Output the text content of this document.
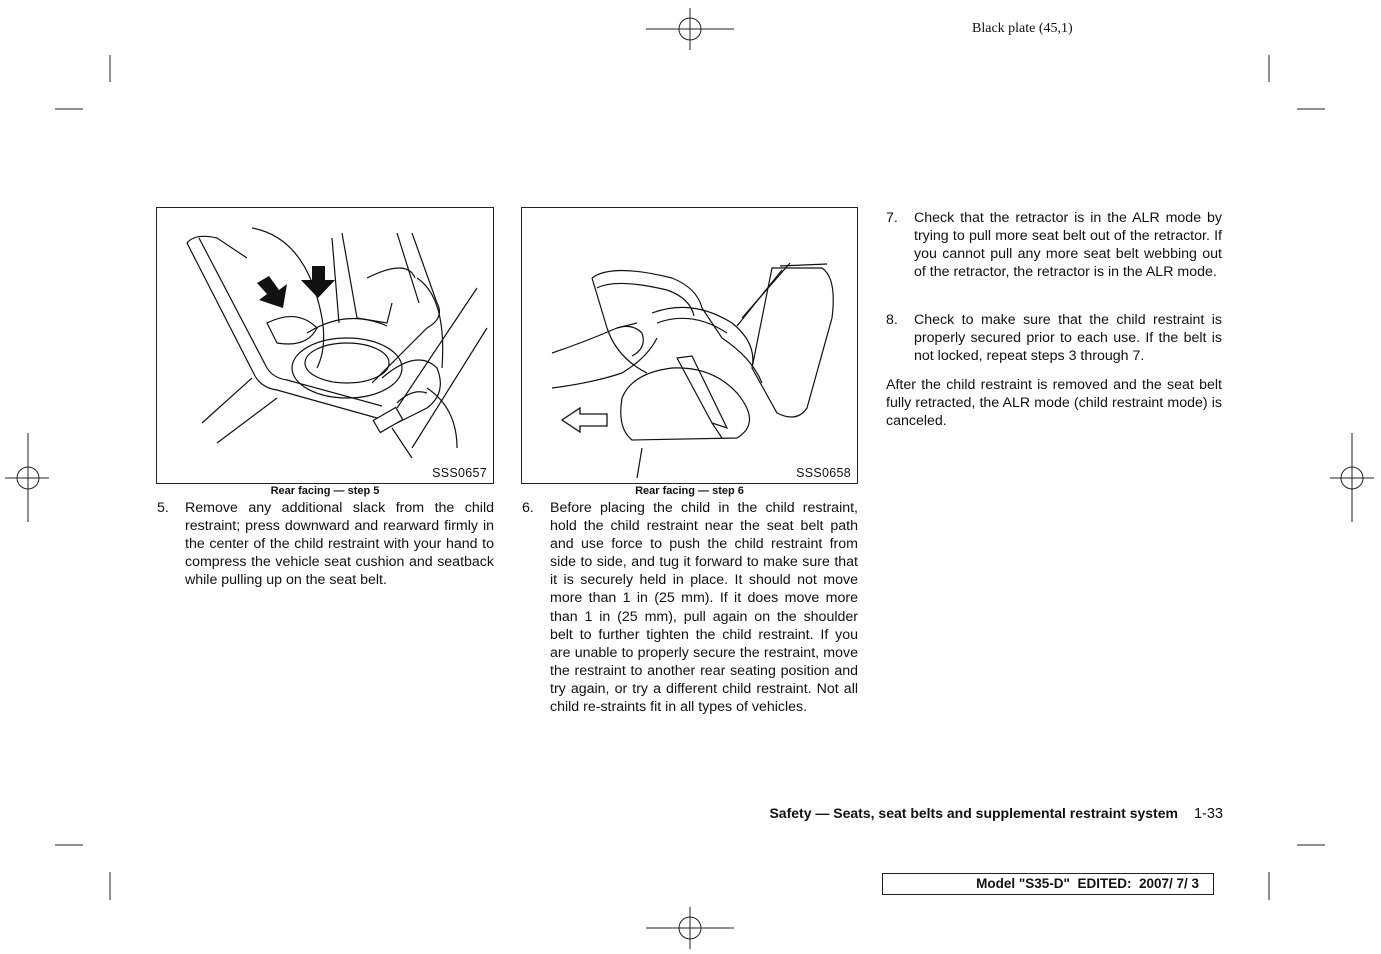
Black plate (45,1)
SSS0657
Rear facing — step 5
SSS0658
Rear facing — step 6
5.	Remove any additional slack from the child restraint; press downward and rearward firmly in the center of the child restraint with your hand to compress the vehicle seat cushion and seatback while pulling up on the seat belt.
6.	Before placing the child in the child restraint, hold the child restraint near the seat belt path and use force to push the child restraint from side to side, and tug it forward to make sure that it is securely held in place. It should not move more than 1 in (25 mm). If it does move more than 1 in (25 mm), pull again on the shoulder belt to further tighten the child restraint. If you are unable to properly secure the restraint, move the restraint to another rear seating position and try again, or try a different child restraint. Not all child re-straints fit in all types of vehicles.
7.	Check that the retractor is in the ALR mode by trying to pull more seat belt out of the retractor. If you cannot pull any more seat belt webbing out of the retractor, the retractor is in the ALR mode.
8.	Check to make sure that the child restraint is properly secured prior to each use. If the belt is not locked, repeat steps 3 through 7.
After the child restraint is removed and the seat belt fully retracted, the ALR mode (child restraint mode) is canceled.
Safety — Seats, seat belts and supplemental restraint system 1-33
Model "S35-D"  EDITED:  2007/ 7/ 3
